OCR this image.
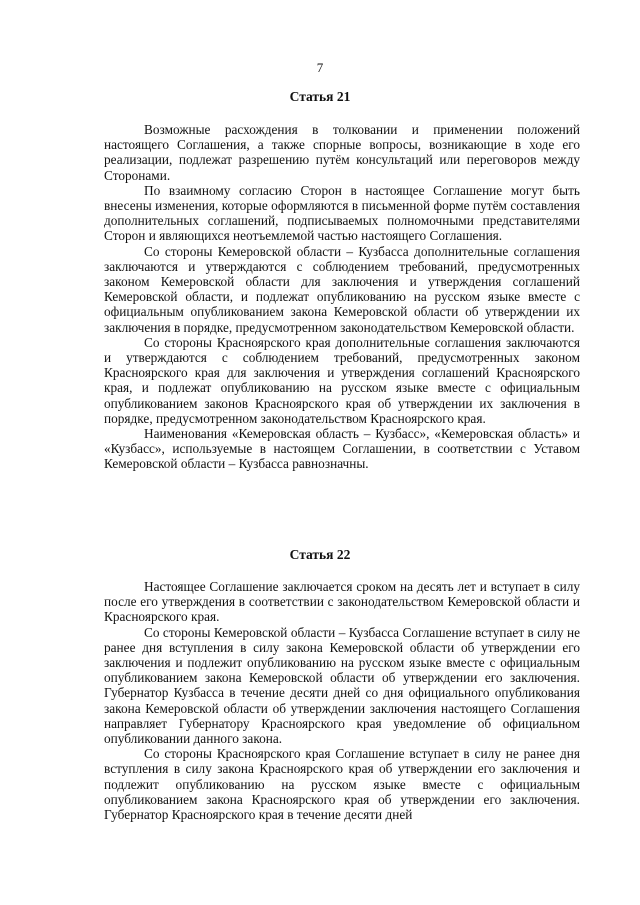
7
Статья 21

Возможные расхождения в толковании и применении положений настоящего Соглашения, а также спорные вопросы, возникающие в ходе его реализации, подлежат разрешению путём консультаций или переговоров между Сторонами.

По взаимному согласию Сторон в настоящее Соглашение могут быть внесены изменения, которые оформляются в письменной форме путём составления дополнительных соглашений, подписываемых полномочными представителями Сторон и являющихся неотъемлемой частью настоящего Соглашения.

Со стороны Кемеровской области – Кузбасса дополнительные соглашения заключаются и утверждаются с соблюдением требований, предусмотренных законом Кемеровской области для заключения и утверждения соглашений Кемеровской области, и подлежат опубликованию на русском языке вместе с официальным опубликованием закона Кемеровской области об утверждении их заключения в порядке, предусмотренном законодательством Кемеровской области.

Со стороны Красноярского края дополнительные соглашения заключаются и утверждаются с соблюдением требований, предусмотренных законом Красноярского края для заключения и утверждения соглашений Красноярского края, и подлежат опубликованию на русском языке вместе с официальным опубликованием законов Красноярского края об утверждении их заключения в порядке, предусмотренном законодательством Красноярского края.

Наименования «Кемеровская область – Кузбасс», «Кемеровская область» и «Кузбасс», используемые в настоящем Соглашении, в соответствии с Уставом Кемеровской области – Кузбасса равнозначны.

Статья 22

Настоящее Соглашение заключается сроком на десять лет и вступает в силу после его утверждения в соответствии с законодательством Кемеровской области и Красноярского края.

Со стороны Кемеровской области – Кузбасса Соглашение вступает в силу не ранее дня вступления в силу закона Кемеровской области об утверждении его заключения и подлежит опубликованию на русском языке вместе с официальным опубликованием закона Кемеровской области об утверждении его заключения. Губернатор Кузбасса в течение десяти дней со дня официального опубликования закона Кемеровской области об утверждении заключения настоящего Соглашения направляет Губернатору Красноярского края уведомление об официальном опубликовании данного закона.

Со стороны Красноярского края Соглашение вступает в силу не ранее дня вступления в силу закона Красноярского края об утверждении его заключения и подлежит опубликованию на русском языке вместе с официальным опубликованием закона Красноярского края об утверждении его заключения. Губернатор Красноярского края в течение десяти дней
